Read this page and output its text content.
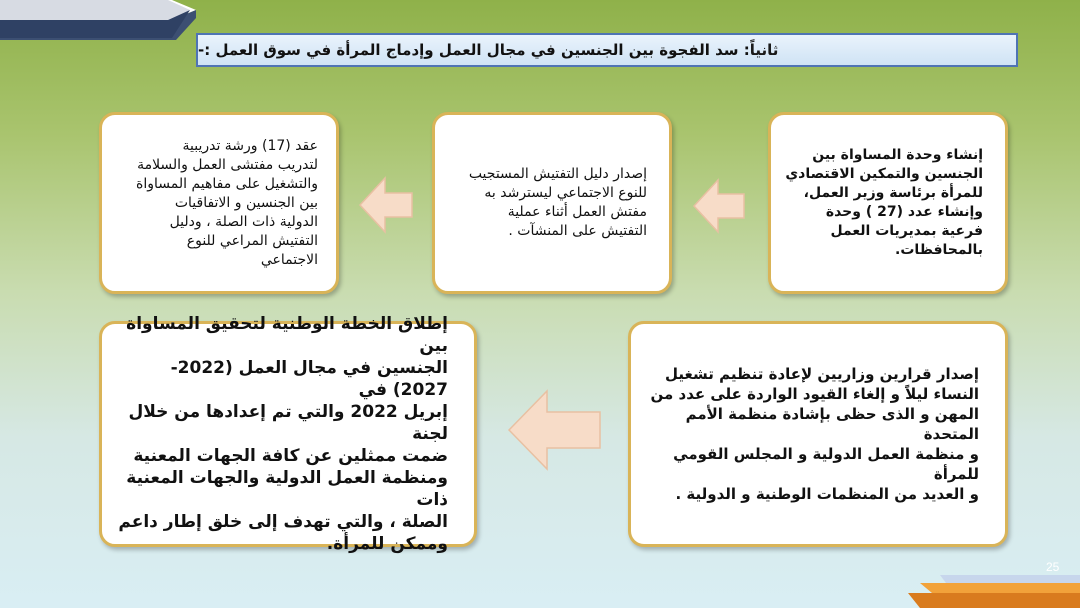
ثانياً: سد الفجوة بين الجنسين في مجال العمل وإدماج المرأة في سوق العمل :-
إنشاء وحدة المساواة بين
الجنسين والتمكين الاقتصادي
للمرأة برئاسة وزير العمل،
وإنشاء عدد (27 ) وحدة
فرعية بمديريات العمل
بالمحافظات.
إصدار دليل التفتيش المستجيب
للنوع الاجتماعي ليسترشد به
مفتش العمل أثناء عملية
التفتيش على المنشآت .
عقد (17) ورشة تدريبية
لتدريب مفتشى العمل والسلامة
والتشغيل على مفاهيم المساواة
بين الجنسين و الاتفاقيات
الدولية ذات الصلة ، ودليل
التفتيش المراعي للنوع
الاجتماعي
إصدار قرارين وزاريين لإعادة تنظيم تشغيل
النساء ليلاً و إلغاء القيود الواردة على عدد من
المهن و الذى حظى بإشادة منظمة الأمم المتحدة
و منظمة العمل الدولية و المجلس القومي للمرأة
و العديد من المنظمات الوطنية و الدولية .
إطلاق الخطة الوطنية لتحقيق المساواة بين
الجنسين في مجال العمل (2022- 2027) في
إبريل 2022 والتي تم إعدادها من خلال لجنة
ضمت ممثلين عن كافة الجهات المعنية
ومنظمة العمل الدولية والجهات المعنية ذات
الصلة ، والتي تهدف إلى خلق إطار داعم
وممكن للمرأة.
25
